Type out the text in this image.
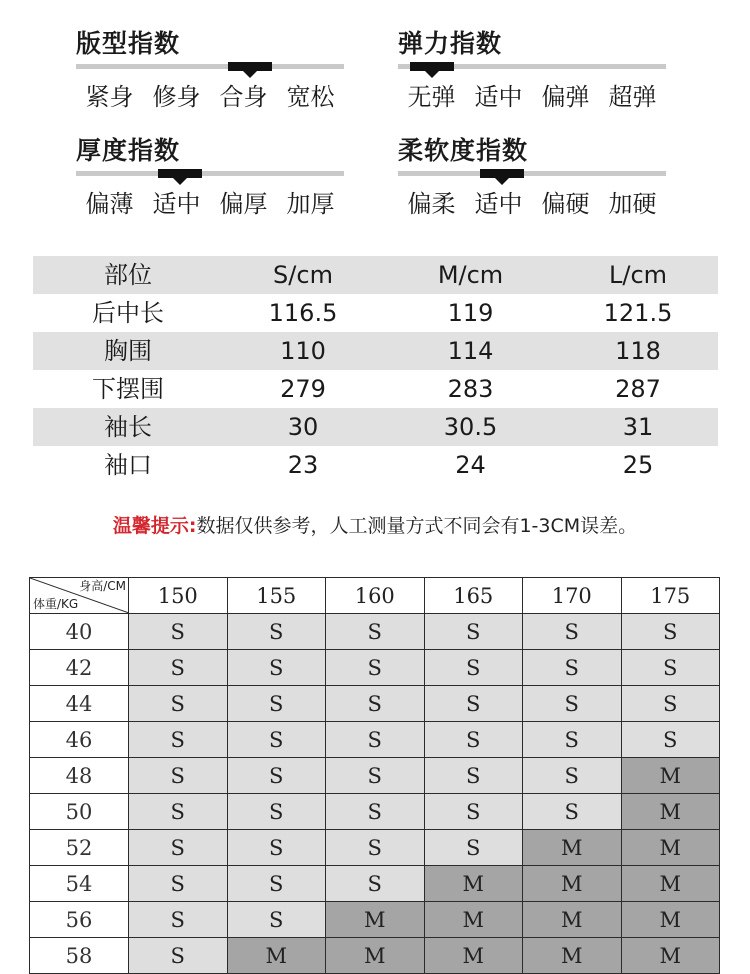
版型指数
紧身 修身 合身 宽松
弹力指数
无弹 适中 偏弹 超弹
厚度指数
偏薄 适中 偏厚 加厚
柔软度指数
偏柔 适中 偏硬 加硬
部位	S/cm	M/cm	L/cm
后中长	116.5	119	121.5
胸围	110	114	118
下摆围	279	283	287
袖长	30	30.5	31
袖口	23	24	25
温馨提示:数据仅供参考，人工测量方式不同会有1-3CM误差。
身高/CM
体重/KG	150	155	160	165	170	175
40	S	S	S	S	S	S
42	S	S	S	S	S	S
44	S	S	S	S	S	S
46	S	S	S	S	S	S
48	S	S	S	S	S	M
50	S	S	S	S	S	M
52	S	S	S	S	M	M
54	S	S	S	M	M	M
56	S	S	M	M	M	M
58	S	M	M	M	M	M
